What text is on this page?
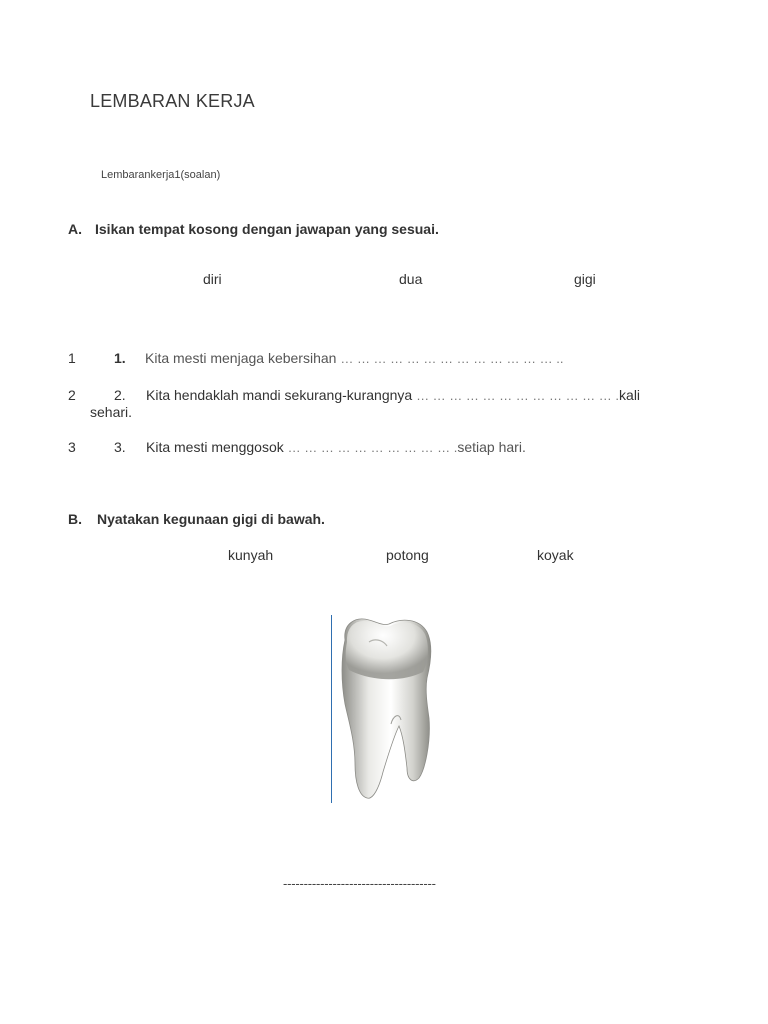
LEMBARAN KERJA
Lembarankerja1(soalan)
A. Isikan tempat kosong dengan jawapan yang sesuai.
diri	dua	gigi
1	1. Kita mesti menjaga kebersihan … … … … … … … … … … … … … ..
2	2. Kita hendaklah mandi sekurang-kurangnya … … … … … … … … … … … … .kali
sehari.
3	3. Kita mesti menggosok … … … … … … … … … … .setiap hari.
B. Nyatakan kegunaan gigi di bawah.
kunyah	potong	koyak
-------------------------------------
